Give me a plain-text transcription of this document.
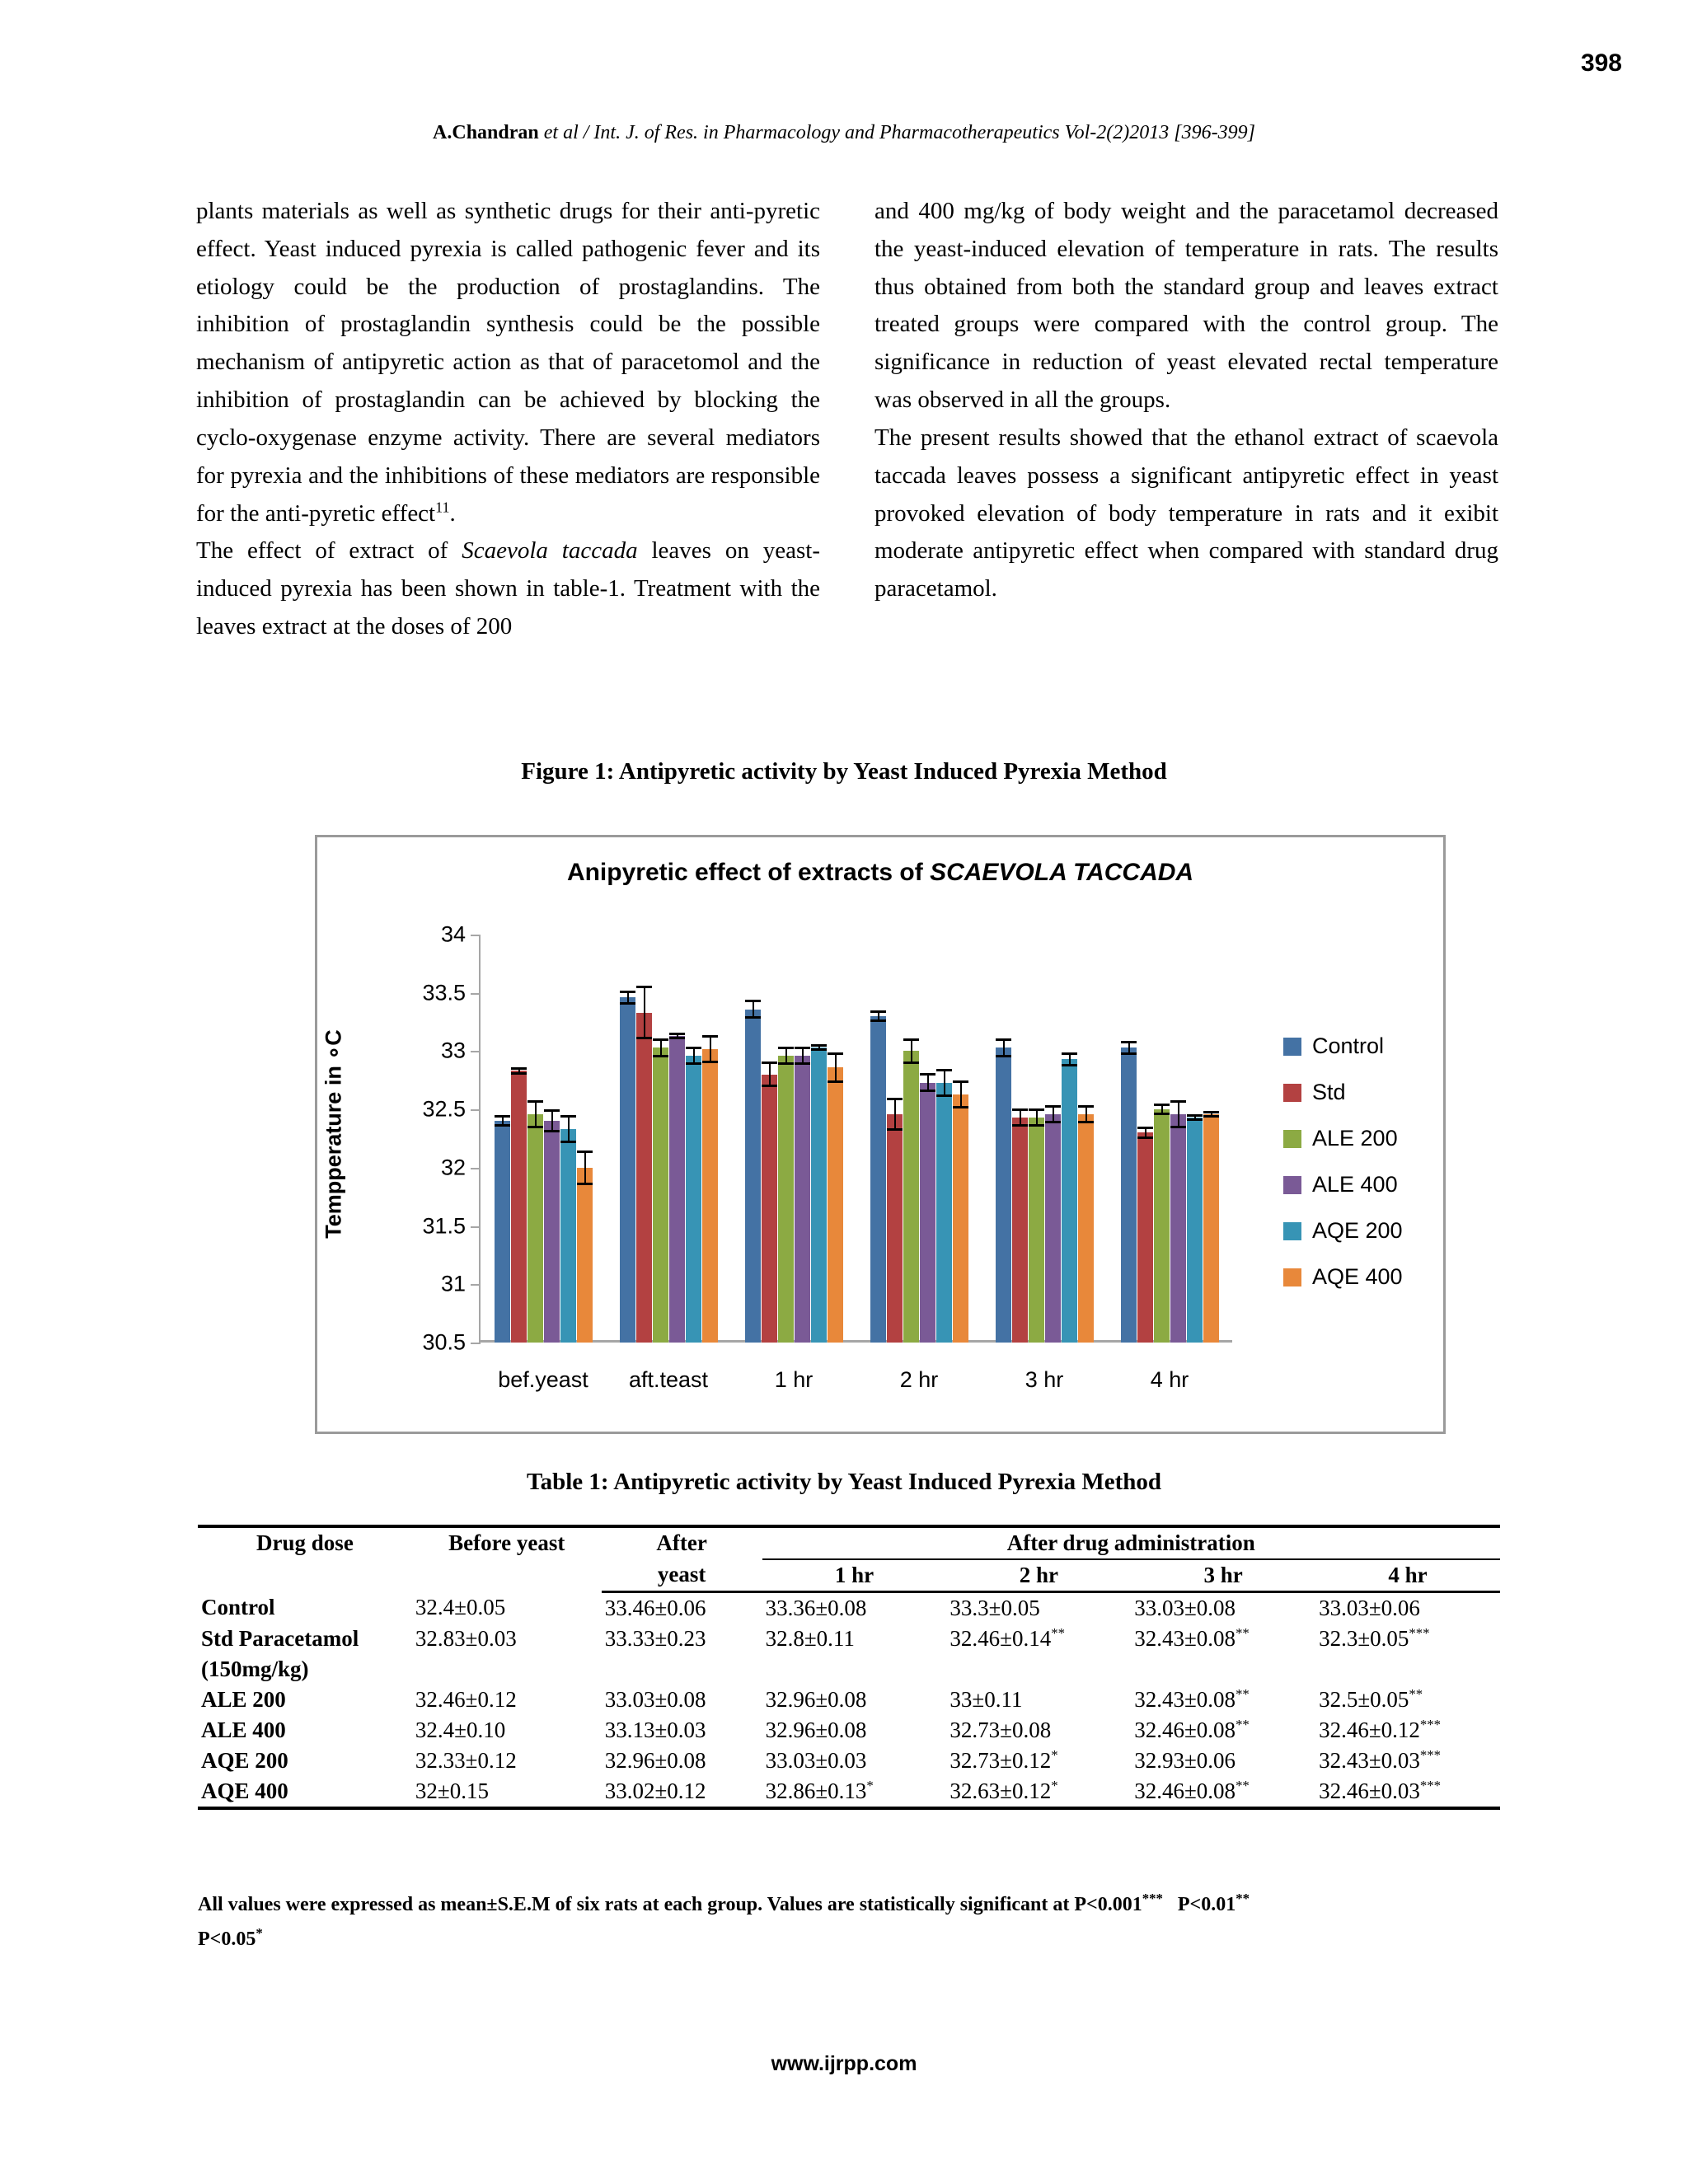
398
A.Chandran et al / Int. J. of Res. in Pharmacology and Pharmacotherapeutics Vol-2(2)2013 [396-399]

plants materials as well as synthetic drugs for their anti-pyretic effect. Yeast induced pyrexia is called pathogenic fever and its etiology could be the production of prostaglandins. The inhibition of prostaglandin synthesis could be the possible mechanism of antipyretic action as that of paracetomol and the inhibition of prostaglandin can be achieved by blocking the cyclo-oxygenase enzyme activity. There are several mediators for pyrexia and the inhibitions of these mediators are responsible for the anti-pyretic effect$^{11}$.

The effect of extract of Scaevola taccada leaves on yeast-induced pyrexia has been shown in table-1. Treatment with the leaves extract at the doses of 200

and 400 mg/kg of body weight and the paracetamol decreased the yeast-induced elevation of temperature in rats. The results thus obtained from both the standard group and leaves extract treated groups were compared with the control group. The significance in reduction of yeast elevated rectal temperature was observed in all the groups.

The present results showed that the ethanol extract of scaevola taccada leaves possess a significant antipyretic effect in yeast provoked elevation of body temperature in rats and it exibit moderate antipyretic effect when compared with standard drug paracetamol.

Figure 1: Antipyretic activity by Yeast Induced Pyrexia Method
Anipyretic effect of extracts of SCAEVOLA TACCADA
Tempperature in ∘C
30.5
31
31.5
32
32.5
33
33.5
34
bef.yeast aft.teast	1 hr	2 hr	3 hr	4 hr
Control
Std
ALE 200
ALE 400
AQE 200
AQE 400
Table 1: Antipyretic activity by Yeast Induced Pyrexia Method
Drug dose	Before yeast	After	After drug administration			
		yeast	1 hr	2 hr	3 hr	4 hr
Control	32.4±0.05	33.46±0.06	33.36±0.08	33.3±0.05	33.03±0.08	33.03±0.06
Std Paracetamol	32.83±0.03	33.33±0.23	32.8±0.11	32.46±0.14**	32.43±0.08**	32.3±0.05***
(150mg/kg)						
ALE 200	32.46±0.12	33.03±0.08	32.96±0.08	33±0.11	32.43±0.08**	32.5±0.05**
ALE 400	32.4±0.10	33.13±0.03	32.96±0.08	32.73±0.08	32.46±0.08**	32.46±0.12***
AQE 200	32.33±0.12	32.96±0.08	33.03±0.03	32.73±0.12*	32.93±0.06	32.43±0.03***
AQE 400	32±0.15	33.02±0.12	32.86±0.13*	32.63±0.12*	32.46±0.08**	32.46±0.03***
All values were expressed as mean±S.E.M of six rats at each group. Values are statistically significant at P<0.001*** P<0.01**
P<0.05*
www.ijrpp.com
